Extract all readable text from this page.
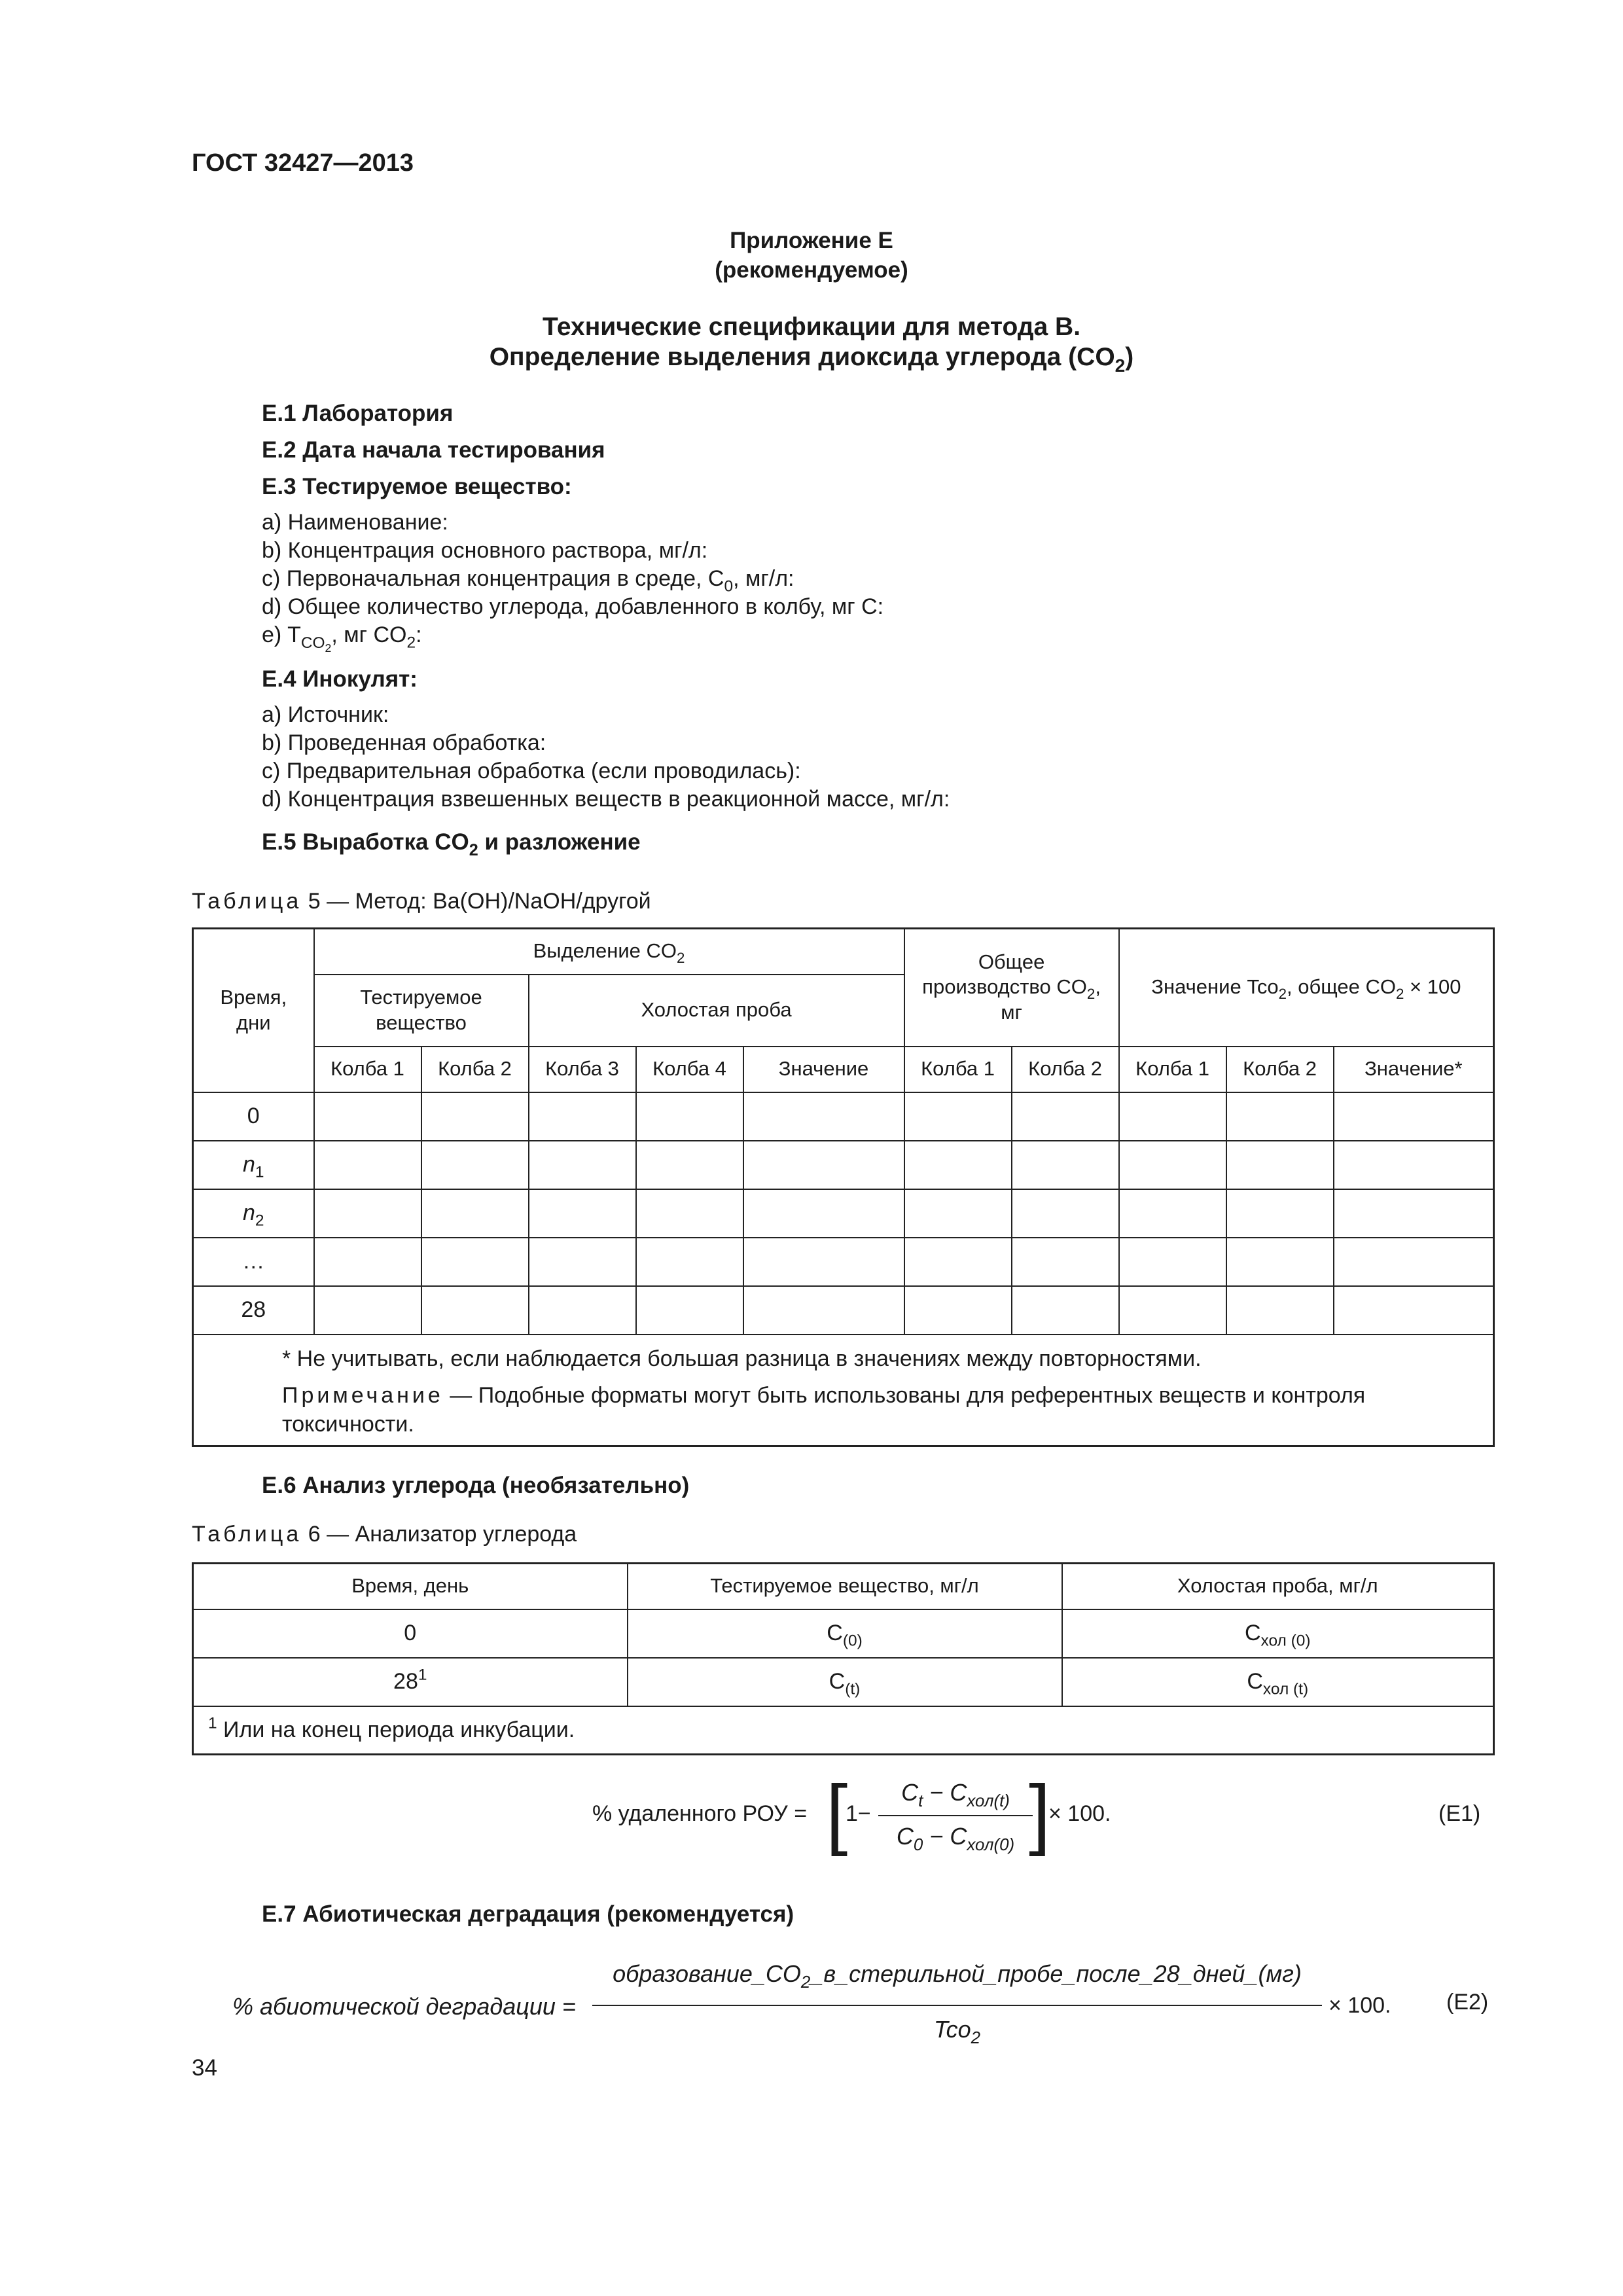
ГОСТ 32427—2013
Приложение Е
(рекомендуемое)
Технические спецификации для метода В.
Определение выделения диоксида углерода $(CO_2)$
Е.1 Лаборатория
Е.2 Дата начала тестирования
Е.3 Тестируемое вещество:
a) Наименование:
b) Концентрация основного раствора, мг/л:
c) Первоначальная концентрация в среде, $C_0$, мг/л:
d) Общее количество углерода, добавленного в колбу, мг С:
e) $T_{CO_2}$, мг $CO_2$:
Е.4 Инокулят:
a) Источник:
b) Проведенная обработка:
c) Предварительная обработка (если проводилась):
d) Концентрация взвешенных веществ в реакционной массе, мг/л:
Е.5 Выработка $CO_2$ и разложение
Таблица 5 — Метод: Ba(OH)/NaOH/другой
Время, дни	Выделение $CO_2$					Общее производство $CO_2$, мг		Значение Tco$_2$, общее $CO_2 \times 100$		
	Тестируемое вещество		Холостая проба							
	Колба 1	Колба 2	Колба 3	Колба 4	Значение	Колба 1	Колба 2	Колба 1	Колба 2	Значение*
0										
$n_1$										
$n_2$										
…										
28										

* Не учитывать, если наблюдается большая разница в значениях между повторностями.
Примечание — Подобные форматы могут быть использованы для референтных веществ и контроля токсичности.										
Е.6 Анализ углерода (необязательно)
Таблица 6 — Анализатор углерода
Время, день	Тестируемое вещество, мг/л	Холостая проба, мг/л
0	$C_{(0)}$	$C_{хол (0)}$
$28^1$	$C_{(t)}$	$C_{хол (t)}$
$^1$ Или на конец периода инкубации.		
% удаленного РОУ = [
1−
$C_t - C_{хол(t)}$
$C_0 - C_{хол(0)}$ ]
× 100.	(Е1)
Е.7 Абиотическая деградация (рекомендуется)
% абиотической деградации =
$образование\_CO_2\_в\_стерильной\_пробе\_после\_28\_дней\_(мг)$
Tco$_2$
× 100. (Е2)
34
